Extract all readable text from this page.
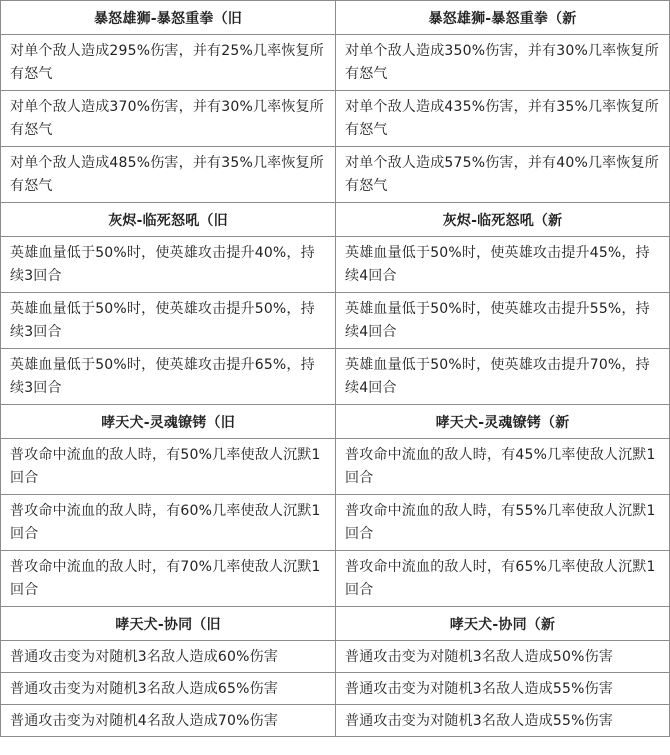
暴怒雄狮-暴怒重拳（旧	暴怒雄狮-暴怒重拳（新
对单个敌人造成295%伤害，并有25%几率恢复所有怒气	对单个敌人造成350%伤害，并有30%几率恢复所有怒气
对单个敌人造成370%伤害，并有30%几率恢复所有怒气	对单个敌人造成435%伤害，并有35%几率恢复所有怒气
对单个敌人造成485%伤害，并有35%几率恢复所有怒气	对单个敌人造成575%伤害，并有40%几率恢复所有怒气
灰烬-临死怒吼（旧	灰烬-临死怒吼（新
英雄血量低于50%时，使英雄攻击提升40%，持续3回合	英雄血量低于50%时，使英雄攻击提升45%，持续4回合
英雄血量低于50%时，使英雄攻击提升50%，持续3回合	英雄血量低于50%时，使英雄攻击提升55%，持续4回合
英雄血量低于50%时，使英雄攻击提升65%，持续3回合	英雄血量低于50%时，使英雄攻击提升70%，持续4回合
哮天犬-灵魂镣铐（旧	哮天犬-灵魂镣铐（新
普攻命中流血的敌人時，有50%几率使敌人沉默1回合	普攻命中流血的敌人時，有45%几率使敌人沉默1回合
普攻命中流血的敌人時，有60%几率使敌人沉默1回合	普攻命中流血的敌人時，有55%几率使敌人沉默1回合
普攻命中流血的敌人时，有70%几率使敌人沉默1回合	普攻命中流血的敌人时，有65%几率使敌人沉默1回合
哮天犬-协同（旧	哮天犬-协同（新
普通攻击变为对随机3名敌人造成60%伤害	普通攻击变为对随机3名敌人造成50%伤害
普通攻击变为对随机3名敌人造成65%伤害	普通攻击变为对随机3名敌人造成55%伤害
普通攻击变为对随机4名敌人造成70%伤害	普通攻击变为对随机3名敌人造成55%伤害
